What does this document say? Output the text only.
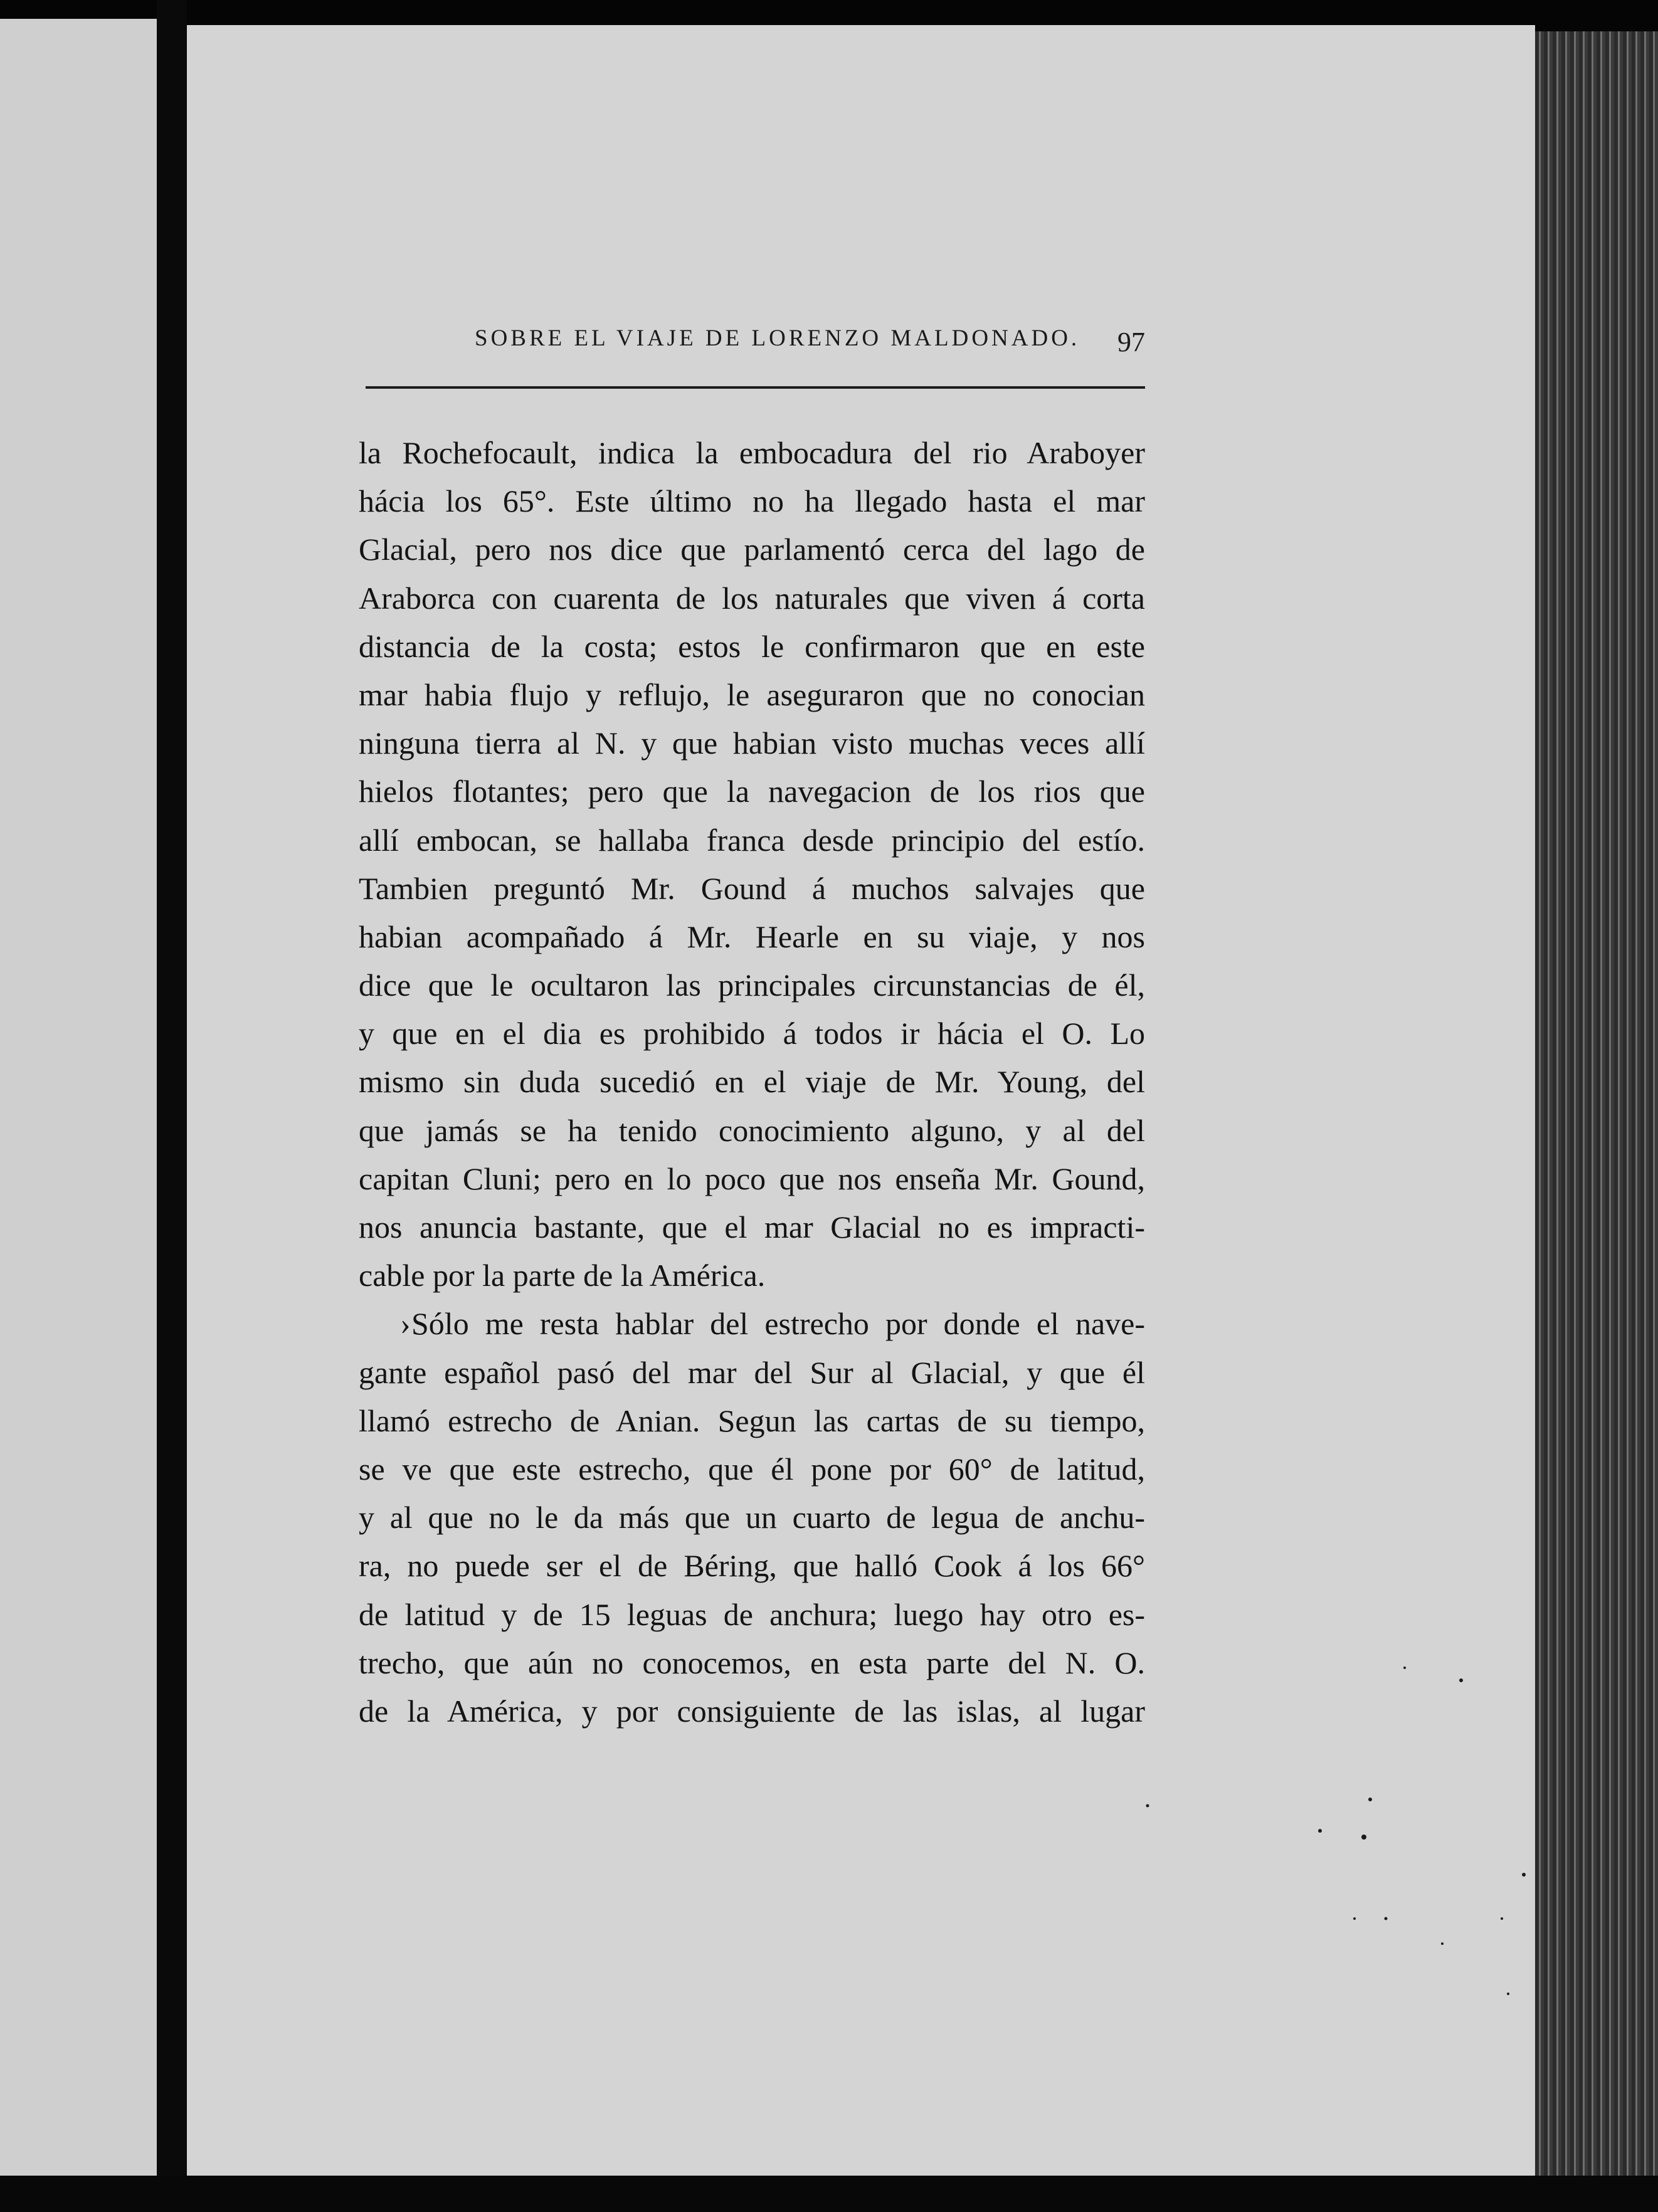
SOBRE EL VIAJE DE LORENZO MALDONADO.	97
la Rochefocault, indica la embocadura del rio Araboyer
hácia los 65°. Este último no ha llegado hasta el mar
Glacial, pero nos dice que parlamentó cerca del lago de
Araborca con cuarenta de los naturales que viven á corta
distancia de la costa; estos le confirmaron que en este
mar habia flujo y reflujo, le aseguraron que no conocian
ninguna tierra al N. y que habian visto muchas veces allí
hielos flotantes; pero que la navegacion de los rios que
allí embocan, se hallaba franca desde principio del estío.
Tambien preguntó Mr. Gound á muchos salvajes que
habian acompañado á Mr. Hearle en su viaje, y nos
dice que le ocultaron las principales circunstancias de él,
y que en el dia es prohibido á todos ir hácia el O. Lo
mismo sin duda sucedió en el viaje de Mr. Young, del
que jamás se ha tenido conocimiento alguno, y al del
capitan Cluni; pero en lo poco que nos enseña Mr. Gound,
nos anuncia bastante, que el mar Glacial no es impracti-
cable por la parte de la América.
›Sólo me resta hablar del estrecho por donde el nave-
gante español pasó del mar del Sur al Glacial, y que él
llamó estrecho de Anian. Segun las cartas de su tiempo,
se ve que este estrecho, que él pone por 60° de latitud,
y al que no le da más que un cuarto de legua de anchu-
ra, no puede ser el de Béring, que halló Cook á los 66°
de latitud y de 15 leguas de anchura; luego hay otro es-
trecho, que aún no conocemos, en esta parte del N. O.
de la América, y por consiguiente de las islas, al lugar
